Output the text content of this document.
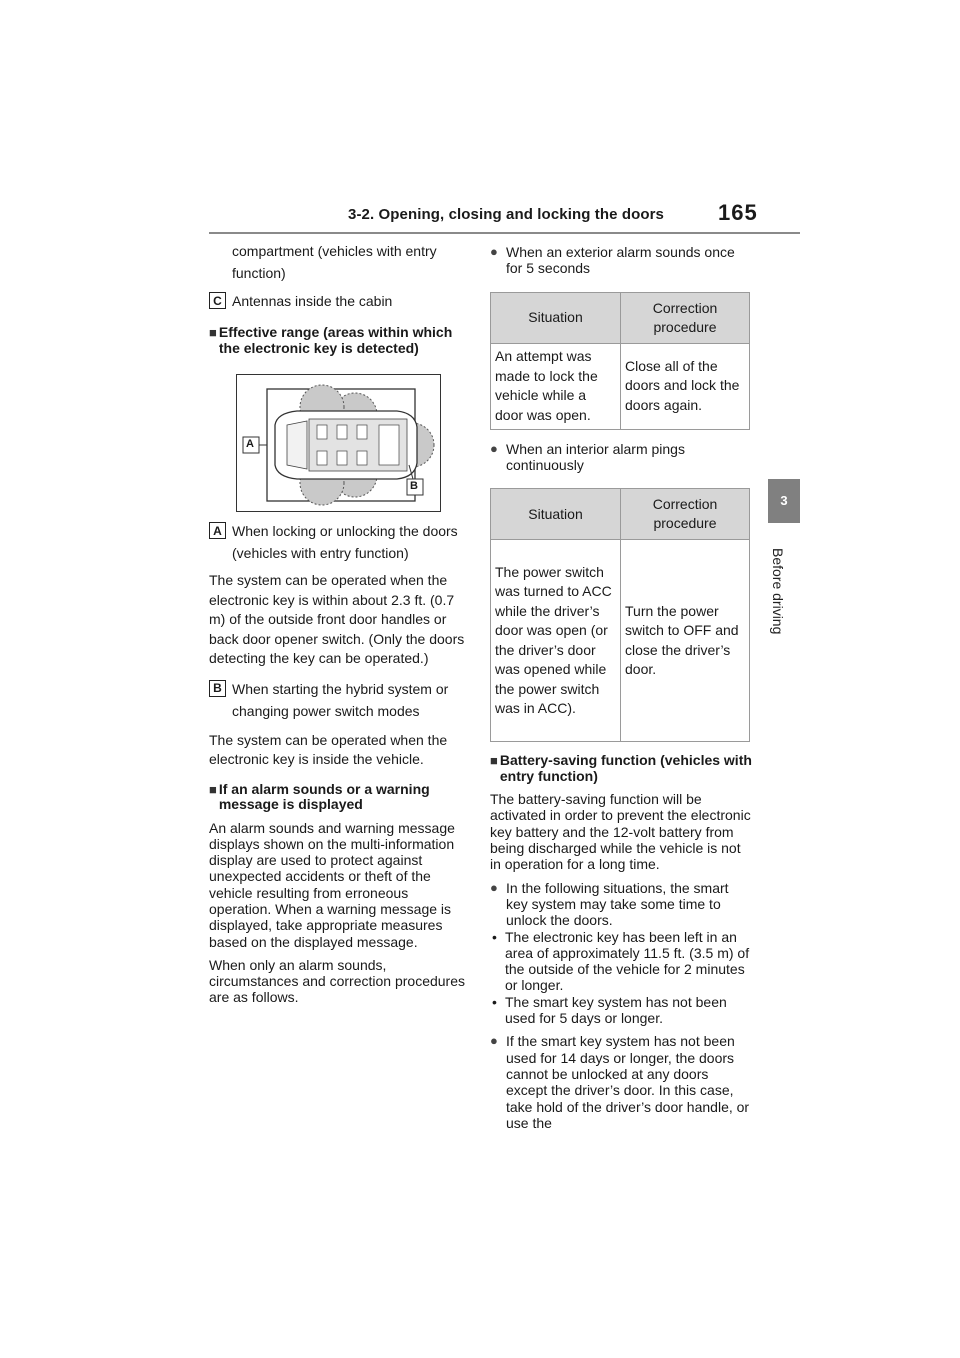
3-2. Opening, closing and locking the doors 165
3
Before driving

compartment (vehicles with entry function)

C Antennas inside the cabin
■ Effective range (areas within which the electronic key is detected)
A
B
A When locking or unlocking the doors (vehicles with entry function)

The system can be operated when the electronic key is within about 2.3 ft. (0.7 m) of the outside front door handles or back door opener switch. (Only the doors detecting the key can be operated.)

B When starting the hybrid system or changing power switch modes

The system can be operated when the electronic key is inside the vehicle.

■ If an alarm sounds or a warning message is displayed

An alarm sounds and warning message displays shown on the multi-information display are used to protect against unexpected accidents or theft of the vehicle resulting from erroneous operation. When a warning message is displayed, take appropriate measures based on the displayed message.

When only an alarm sounds, circumstances and correction procedures are as follows.

● When an exterior alarm sounds once for 5 seconds
Situation	Correction procedure
An attempt was made to lock the vehicle while a door was open.	Close all of the doors and lock the doors again.
● When an interior alarm pings continuously
Situation	Correction procedure
The power switch was turned to ACC while the driver’s door was open (or the driver’s door was opened while the power switch was in ACC).	Turn the power switch to OFF and close the driver’s door.
■ Battery-saving function (vehicles with entry function)

The battery-saving function will be activated in order to prevent the electronic key battery and the 12-volt battery from being discharged while the vehicle is not in operation for a long time.

● In the following situations, the smart key system may take some time to unlock the doors.
• The electronic key has been left in an area of approximately 11.5 ft. (3.5 m) of the outside of the vehicle for 2 minutes or longer.
• The smart key system has not been used for 5 days or longer.
● If the smart key system has not been used for 14 days or longer, the doors cannot be unlocked at any doors except the driver’s door. In this case, take hold of the driver’s door handle, or use the
